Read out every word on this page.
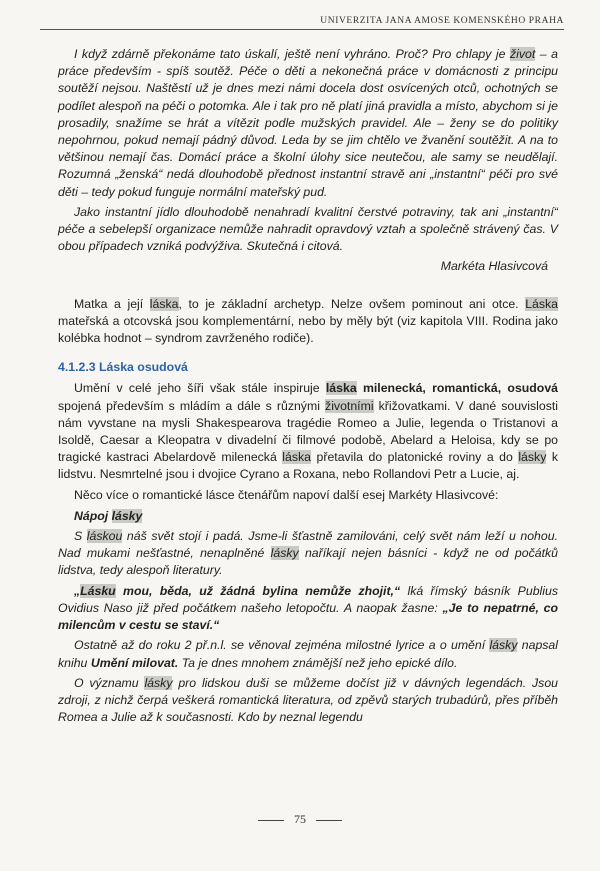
UNIVERZITA JANA AMOSE KOMENSKÉHO PRAHA

I když zdárně překonáme tato úskalí, ještě není vyhráno. Proč? Pro chlapy je život – a práce především - spíš soutěž. Péče o děti a nekonečná práce v domácnosti z principu soutěží nejsou. Naštěstí už je dnes mezi námi docela dost osvícených otců, ochotných se podílet alespoň na péči o potomka. Ale i tak pro ně platí jiná pravidla a místo, abychom si je prosadily, snažíme se hrát a vítězit podle mužských pravidel. Ale – ženy se do politiky nepohrnou, pokud nemají pádný důvod. Leda by se jim chtělo ve žvanění soutěžit. A na to většinou nemají čas. Domácí práce a školní úlohy sice neutečou, ale samy se neudělají. Rozumná „ženská“ nedá dlouhodobě přednost instantní stravě ani „instantní“ péči pro své děti – tedy pokud funguje normální mateřský pud.

Jako instantní jídlo dlouhodobě nenahradí kvalitní čerstvé potraviny, tak ani „instantní“ péče a sebelepší organizace nemůže nahradit opravdový vztah a společně strávený čas. V obou případech vzniká podvýživa. Skutečná i citová.

Markéta Hlasivcová

Matka a její láska, to je základní archetyp. Nelze ovšem pominout ani otce. Láska mateřská a otcovská jsou komplementární, nebo by měly být (viz kapitola VIII. Rodina jako kolébka hodnot – syndrom zavrženého rodiče).

4.1.2.3 Láska osudová

Umění v celé jeho šíři však stále inspiruje láska milenecká, romantická, osudová spojená především s mládím a dále s různými životními křižovatkami. V dané souvislosti nám vyvstane na mysli Shakespearova tragédie Romeo a Julie, legenda o Tristanovi a Isoldě, Caesar a Kleopatra v divadelní či filmové podobě, Abelard a Heloisa, kdy se po tragické kastraci Abelardově milenecká láska přetavila do platonické roviny a do lásky k lidstvu. Nesmrtelné jsou i dvojice Cyrano a Roxana, nebo Rollandovi Petr a Lucie, aj.

Něco více o romantické lásce čtenářům napoví další esej Markéty Hlasivcové:

Nápoj lásky

S láskou náš svět stojí i padá. Jsme-li šťastně zamilováni, celý svět nám leží u nohou. Nad mukami nešťastné, nenaplněné lásky naříkají nejen básníci - když ne od počátků lidstva, tedy alespoň literatury.

„Lásku mou, běda, už žádná bylina nemůže zhojit,“ lká římský básník Publius Ovidius Naso již před počátkem našeho letopočtu. A naopak žasne: „Je to nepatrné, co milencům v cestu se staví.“

Ostatně až do roku 2 př.n.l. se věnoval zejména milostné lyrice a o umění lásky napsal knihu Umění milovat. Ta je dnes mnohem známější než jeho epické dílo.

O významu lásky pro lidskou duši se můžeme dočíst již v dávných legendách. Jsou zdroji, z nichž čerpá veškerá romantická literatura, od zpěvů starých trubadúrů, přes příběh Romea a Julie až k současnosti. Kdo by neznal legendu

75
